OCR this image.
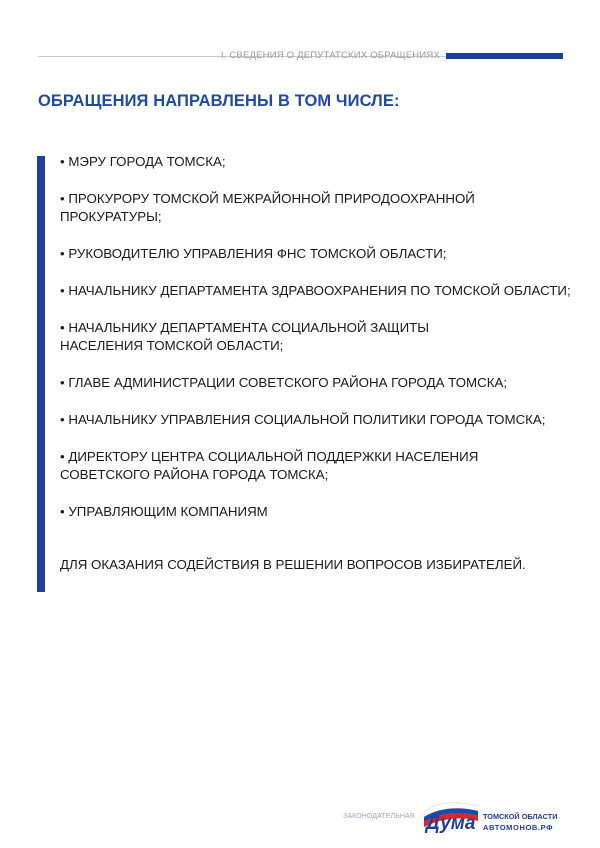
I. СВЕДЕНИЯ О ДЕПУТАТСКИХ ОБРАЩЕНИЯХ
ОБРАЩЕНИЯ НАПРАВЛЕНЫ В ТОМ ЧИСЛЕ:
• МЭРУ ГОРОДА ТОМСКА;
• ПРОКУРОРУ ТОМСКОЙ МЕЖРАЙОННОЙ ПРИРОДООХРАННОЙ
ПРОКУРАТУРЫ;
• РУКОВОДИТЕЛЮ УПРАВЛЕНИЯ ФНС ТОМСКОЙ ОБЛАСТИ;
• НАЧАЛЬНИКУ ДЕПАРТАМЕНТА ЗДРАВООХРАНЕНИЯ ПО ТОМСКОЙ ОБЛАСТИ;
• НАЧАЛЬНИКУ ДЕПАРТАМЕНТА СОЦИАЛЬНОЙ ЗАЩИТЫ
НАСЕЛЕНИЯ ТОМСКОЙ ОБЛАСТИ;
• ГЛАВЕ АДМИНИСТРАЦИИ СОВЕТСКОГО РАЙОНА ГОРОДА ТОМСКА;
• НАЧАЛЬНИКУ УПРАВЛЕНИЯ СОЦИАЛЬНОЙ ПОЛИТИКИ ГОРОДА ТОМСКА;
• ДИРЕКТОРУ ЦЕНТРА СОЦИАЛЬНОЙ ПОДДЕРЖКИ НАСЕЛЕНИЯ
СОВЕТСКОГО РАЙОНА ГОРОДА ТОМСКА;
• УПРАВЛЯЮЩИМ КОМПАНИЯМ
ДЛЯ ОКАЗАНИЯ СОДЕЙСТВИЯ В РЕШЕНИИ ВОПРОСОВ ИЗБИРАТЕЛЕЙ.
ЗАКОНОДАТЕЛЬНАЯ Дума ТОМСКОЙ ОБЛАСТИ
АВТОМОНОВ.РФ
